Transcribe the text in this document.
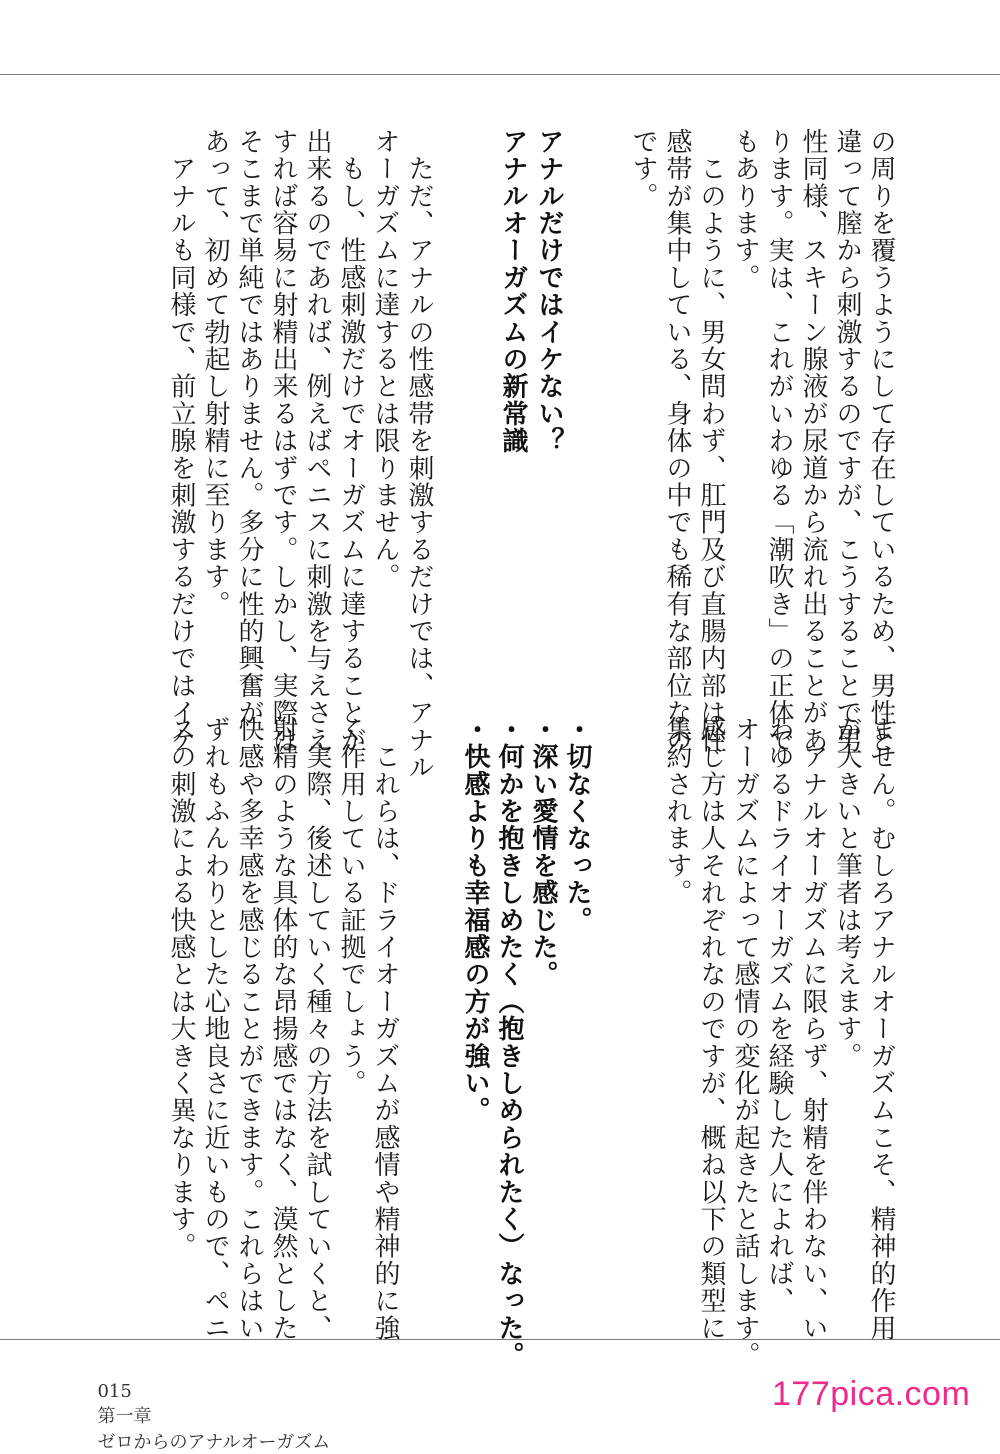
の周りを覆うようにして存在しているため、男性と
違って膣から刺激するのですが、こうすることで男
性同様、スキーン腺液が尿道から流れ出ることがあ
ります。実は、これがいわゆる「潮吹き」の正体で
もあります。
　このように、男女問わず、肛門及び直腸内部は性
感帯が集中している、身体の中でも稀有な部位なの
です。
アナルだけではイケない？
アナルオーガズムの新常識
　ただ、アナルの性感帯を刺激するだけでは、アナル
オーガズムに達するとは限りません。
　もし、性感刺激だけでオーガズムに達することが
出来るのであれば、例えばペニスに刺激を与えさえ
すれば容易に射精出来るはずです。しかし、実際は
そこまで単純ではありません。多分に性的興奮が
あって、初めて勃起し射精に至ります。
　アナルも同様で、前立腺を刺激するだけではイケ
ません。むしろアナルオーガズムこそ、精神的作用
が大きいと筆者は考えます。
　アナルオーガズムに限らず、射精を伴わない、い
わゆるドライオーガズムを経験した人によれば、
オーガズムによって感情の変化が起きたと話します。
感じ方は人それぞれなのですが、概ね以下の類型に
集約されます。
・切なくなった。
・深い愛情を感じた。
・何かを抱きしめたく（抱きしめられたく）なった。
・快感よりも幸福感の方が強い。
　これらは、ドライオーガズムが感情や精神的に強
く作用している証拠でしょう。
　実際、後述していく種々の方法を試していくと、
射精のような具体的な昂揚感ではなく、漠然とした
快感や多幸感を感じることができます。これらはい
ずれもふんわりとした心地良さに近いもので、ペニ
スの刺激による快感とは大きく異なります。

015
第一章
ゼロからのアナルオーガズム

177pica.com
